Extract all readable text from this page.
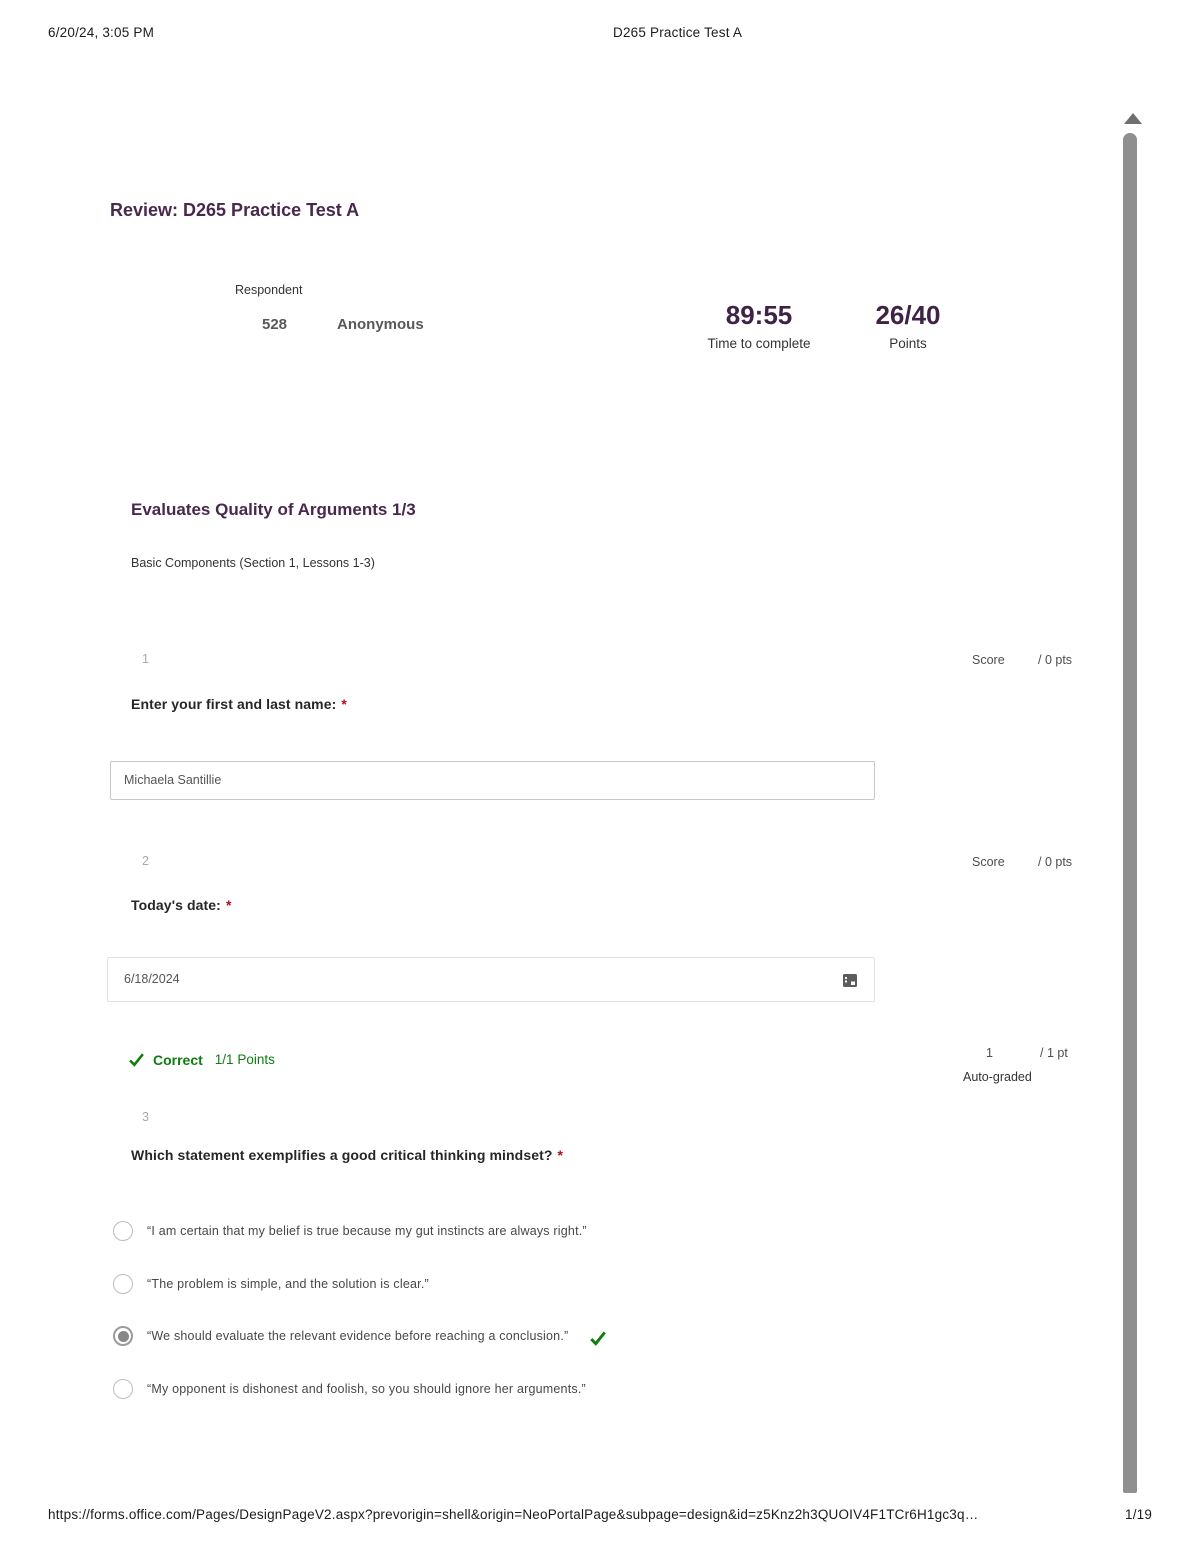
6/20/24, 3:05 PM	D265 Practice Test A
Review: D265 Practice Test A
Respondent
528	Anonymous	89:55
Time to complete
26/40
Points
Evaluates Quality of Arguments 1/3
Basic Components (Section 1, Lessons 1-3)
1	Score	/ 0 pts
Enter your first and last name: *
Michaela Santillie
2	Score	/ 0 pts
Today's date: *
6/18/2024
Correct 1/1 Points	1	/ 1 pt
Auto-graded
3
Which statement exemplifies a good critical thinking mindset? *
“I am certain that my belief is true because my gut instincts are always right.”
“The problem is simple, and the solution is clear.”
“We should evaluate the relevant evidence before reaching a conclusion.”
“My opponent is dishonest and foolish, so you should ignore her arguments.”
https://forms.office.com/Pages/DesignPageV2.aspx?prevorigin=shell&origin=NeoPortalPage&subpage=design&id=z5Knz2h3QUOIV4F1TCr6H1gc3q…	1/19
